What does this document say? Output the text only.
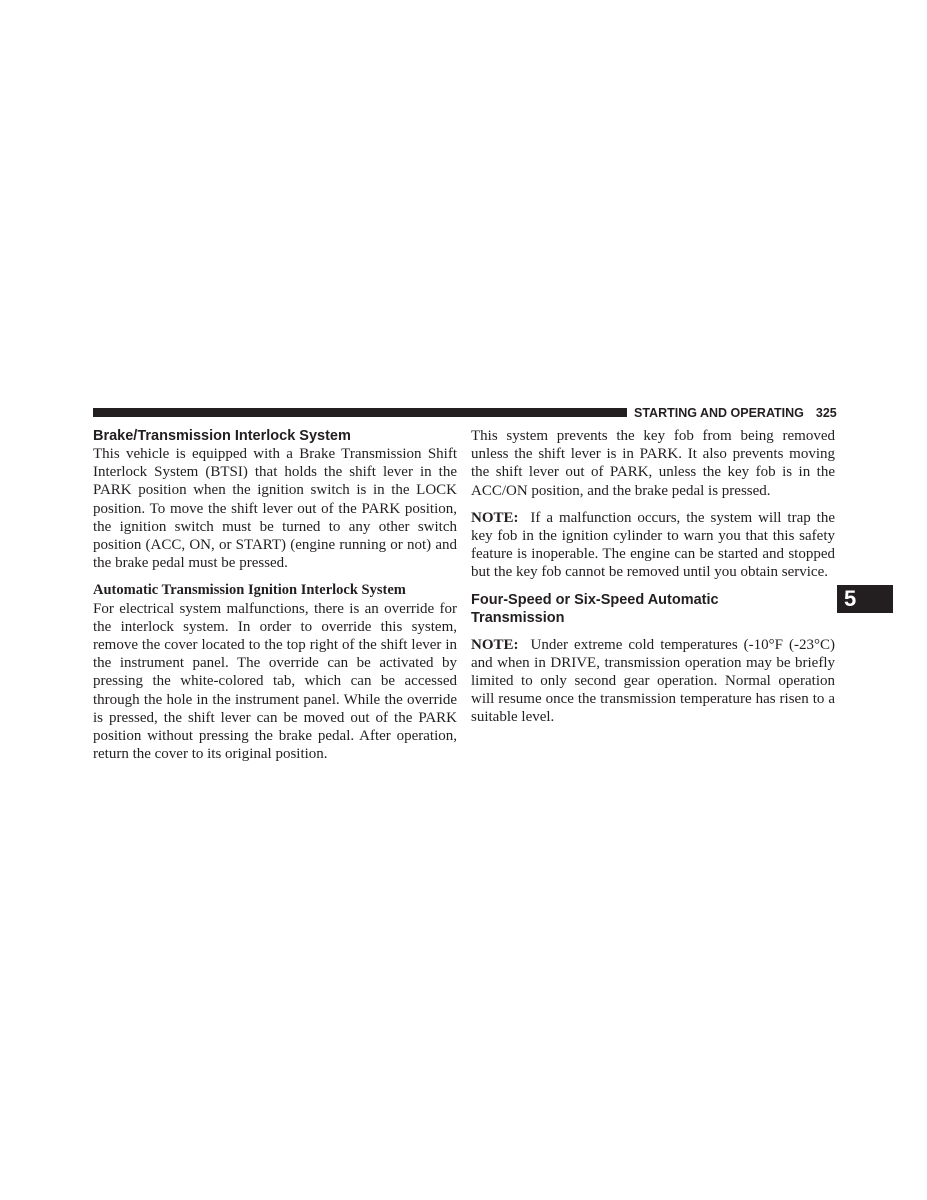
STARTING AND OPERATING 325
Brake/Transmission Interlock System

This vehicle is equipped with a Brake Transmission Shift Interlock System (BTSI) that holds the shift lever in the PARK position when the ignition switch is in the LOCK position. To move the shift lever out of the PARK position, the ignition switch must be turned to any other switch position (ACC, ON, or START) (engine running or not) and the brake pedal must be pressed.

Automatic Transmission Ignition Interlock System

For electrical system malfunctions, there is an override for the interlock system. In order to override this system, remove the cover located to the top right of the shift lever in the instrument panel. The override can be activated by pressing the white-colored tab, which can be accessed through the hole in the instrument panel. While the override is pressed, the shift lever can be moved out of the PARK position without pressing the brake pedal. After operation, return the cover to its original position.

This system prevents the key fob from being removed unless the shift lever is in PARK. It also prevents moving the shift lever out of PARK, unless the key fob is in the ACC/ON position, and the brake pedal is pressed.

NOTE: If a malfunction occurs, the system will trap the key fob in the ignition cylinder to warn you that this safety feature is inoperable. The engine can be started and stopped but the key fob cannot be removed until you obtain service.

Four-Speed or Six-Speed Automatic
Transmission

NOTE: Under extreme cold temperatures (-10°F (-23°C) and when in DRIVE, transmission operation may be briefly limited to only second gear operation. Normal operation will resume once the transmission temperature has risen to a suitable level.

5
